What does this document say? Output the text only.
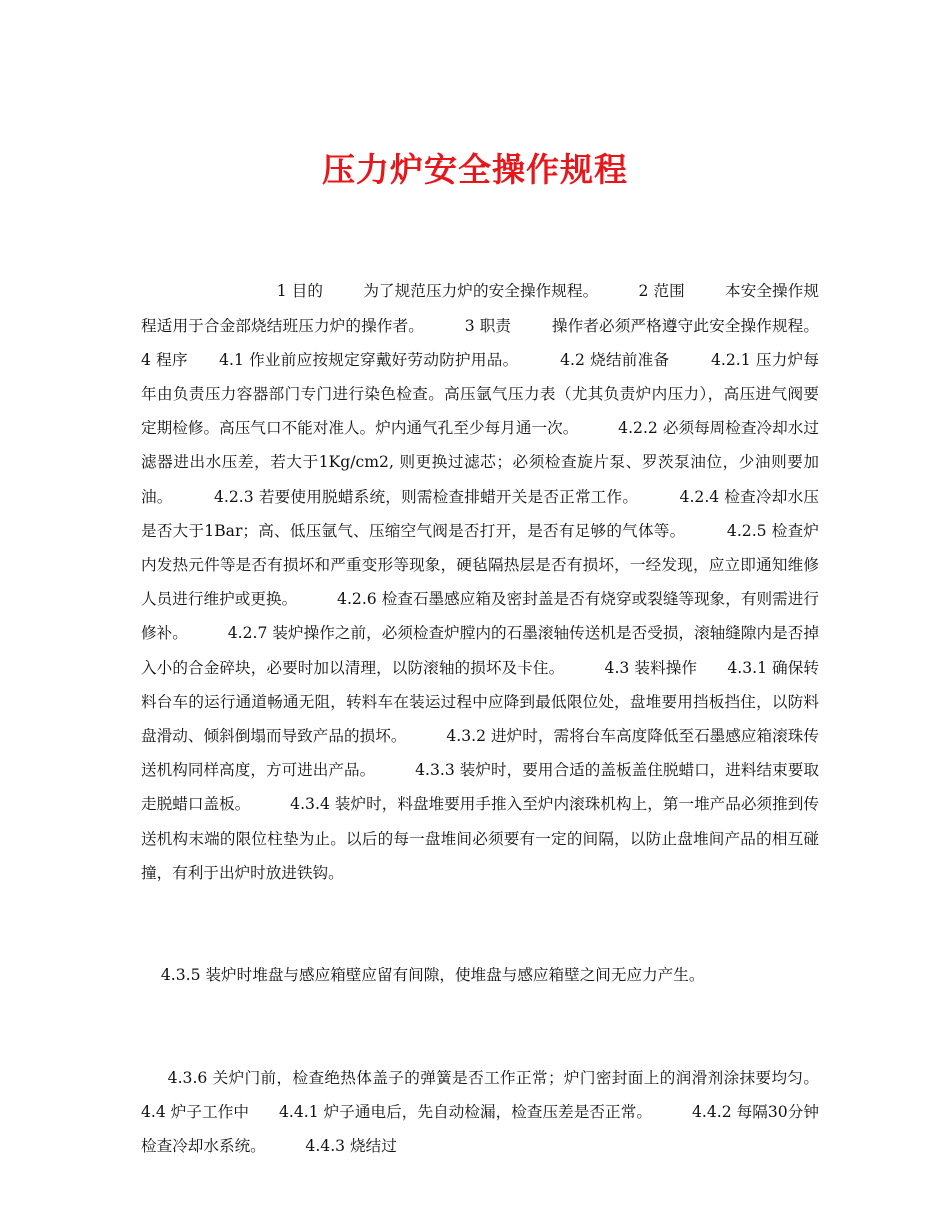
压力炉安全操作规程

1 目的        为了规范压力炉的安全操作规程。        2 范围        本安全操作规程适用于合金部烧结班压力炉的操作者。        3 职责        操作者必须严格遵守此安全操作规程。        4 程序      4.1 作业前应按规定穿戴好劳动防护用品。        4.2 烧结前准备        4.2.1 压力炉每年由负责压力容器部门专门进行染色检查。高压氩气压力表（尤其负责炉内压力），高压进气阀要定期检修。高压气口不能对准人。炉内通气孔至少每月通一次。        4.2.2 必须每周检查冷却水过滤器进出水压差，若大于1Kg/cm2, 则更换过滤芯；必须检查旋片泵、罗茨泵油位，少油则要加油。        4.2.3 若要使用脱蜡系统，则需检查排蜡开关是否正常工作。        4.2.4 检查冷却水压是否大于1Bar；高、低压氩气、压缩空气阀是否打开，是否有足够的气体等。        4.2.5 检查炉内发热元件等是否有损坏和严重变形等现象，硬毡隔热层是否有损坏，一经发现，应立即通知维修人员进行维护或更换。        4.2.6 检查石墨感应箱及密封盖是否有烧穿或裂缝等现象，有则需进行修补。        4.2.7 装炉操作之前，必须检查炉膛内的石墨滚轴传送机是否受损，滚轴缝隙内是否掉入小的合金碎块，必要时加以清理，以防滚轴的损坏及卡住。        4.3 装料操作      4.3.1 确保转料台车的运行通道畅通无阻，转料车在装运过程中应降到最低限位处，盘堆要用挡板挡住，以防料盘滑动、倾斜倒塌而导致产品的损坏。        4.3.2 进炉时，需将台车高度降低至石墨感应箱滚珠传送机构同样高度，方可进出产品。        4.3.3 装炉时，要用合适的盖板盖住脱蜡口，进料结束要取走脱蜡口盖板。        4.3.4 装炉时，料盘堆要用手推入至炉内滚珠机构上，第一堆产品必须推到传送机构末端的限位柱垫为止。以后的每一盘堆间必须要有一定的间隔，以防止盘堆间产品的相互碰撞，有利于出炉时放进铁钩。

4.3.5 装炉时堆盘与感应箱壁应留有间隙，使堆盘与感应箱壁之间无应力产生。

4.3.6 关炉门前，检查绝热体盖子的弹簧是否工作正常；炉门密封面上的润滑剂涂抹要均匀。        4.4 炉子工作中      4.4.1 炉子通电后，先自动检漏，检查压差是否正常。        4.4.2 每隔30分钟检查冷却水系统。        4.4.3 烧结过
